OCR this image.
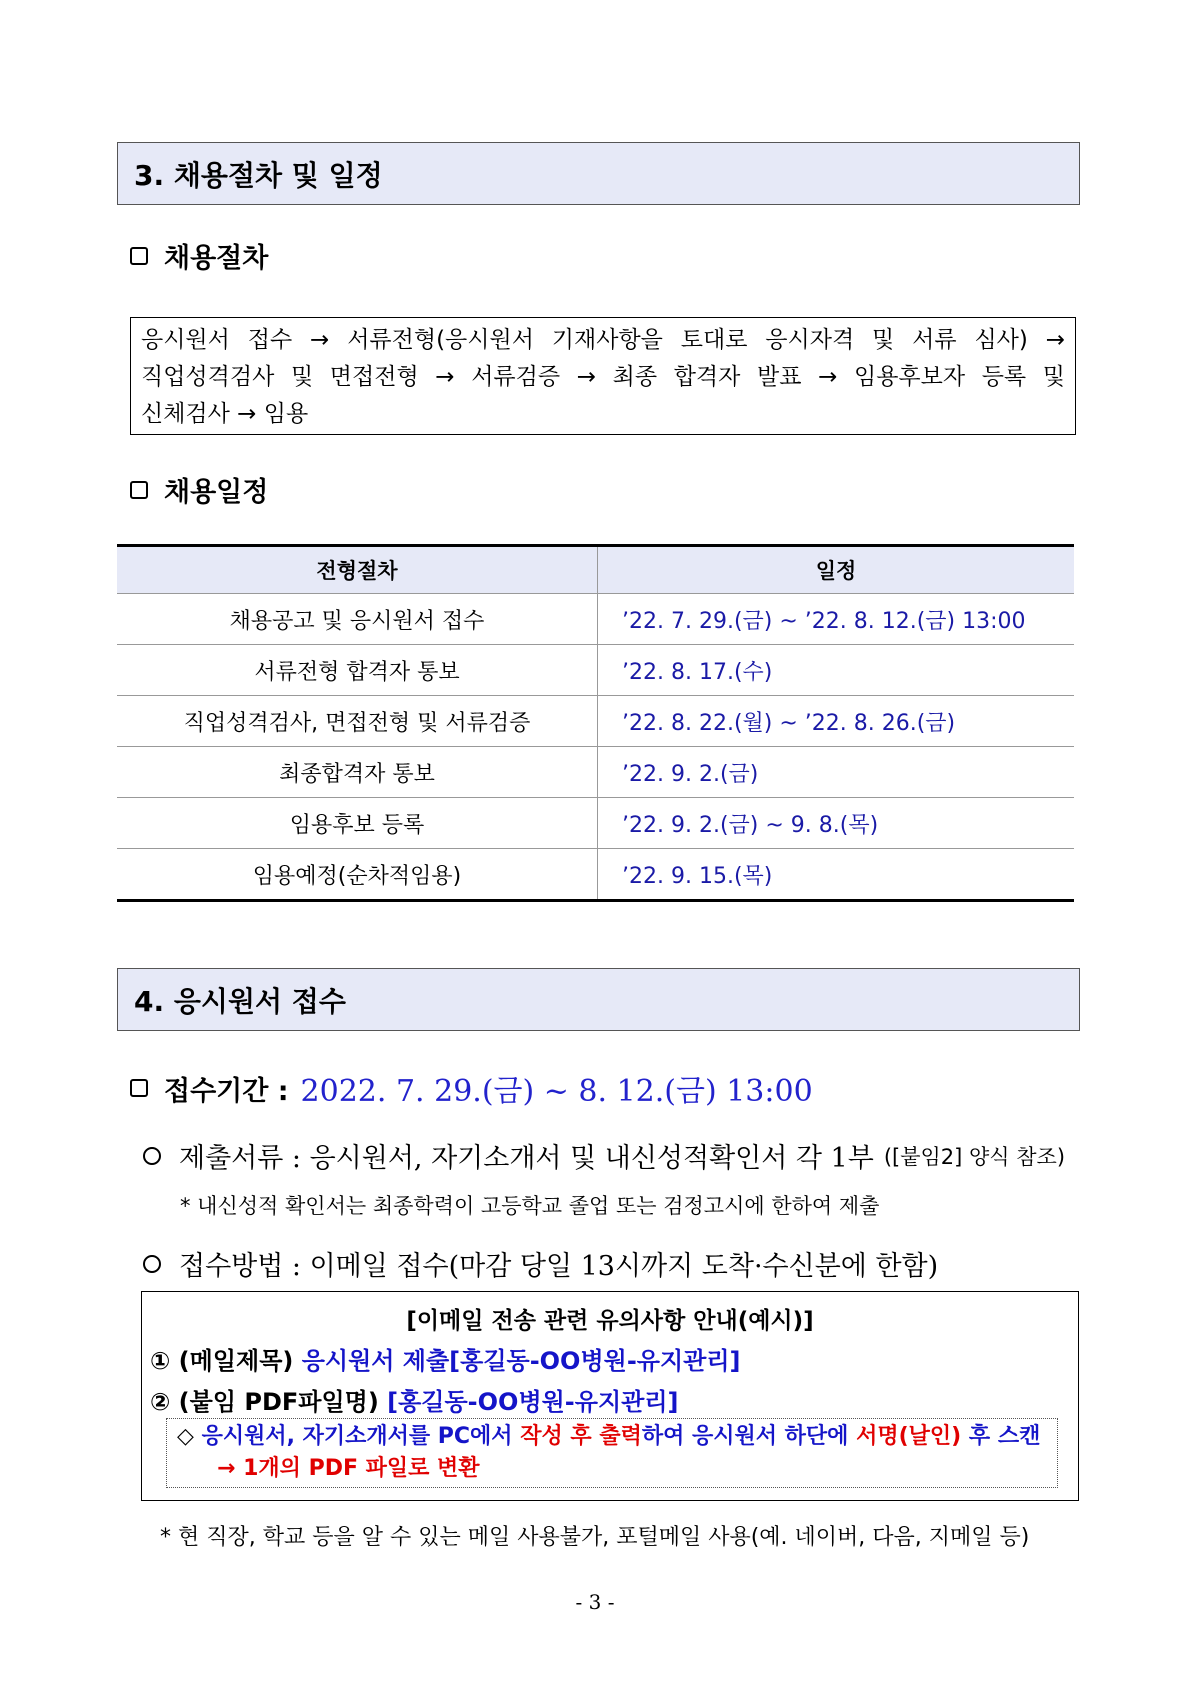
3. 채용절차 및 일정
채용절차
응시원서 접수 → 서류전형(응시원서 기재사항을 토대로 응시자격 및 서류 심사) →
직업성격검사 및 면접전형 → 서류검증 → 최종 합격자 발표 → 임용후보자 등록 및
신체검사 → 임용
채용일정
전형절차	일정
채용공고 및 응시원서 접수	’22. 7. 29.(금) ~ ’22. 8. 12.(금) 13:00
서류전형 합격자 통보	’22. 8. 17.(수)
직업성격검사, 면접전형 및 서류검증	’22. 8. 22.(월) ~ ’22. 8. 26.(금)
최종합격자 통보	’22. 9. 2.(금)
임용후보 등록	’22. 9. 2.(금) ~ 9. 8.(목)
임용예정(순차적임용)	’22. 9. 15.(목)
4. 응시원서 접수
접수기간 : 2022. 7. 29.(금) ~ 8. 12.(금) 13:00
제출서류 : 응시원서, 자기소개서 및 내신성적확인서 각 1부 ([붙임2] 양식 참조)
* 내신성적 확인서는 최종학력이 고등학교 졸업 또는 검정고시에 한하여 제출
접수방법 : 이메일 접수(마감 당일 13시까지 도착·수신분에 한함)
[이메일 전송 관련 유의사항 안내(예시)]
① (메일제목) 응시원서 제출[홍길동-OO병원-유지관리]
② (붙임 PDF파일명) [홍길동-OO병원-유지관리]
◇ 응시원서, 자기소개서를 PC에서 작성 후 출력하여 응시원서 하단에 서명(날인) 후 스캔
→ 1개의 PDF 파일로 변환
* 현 직장, 학교 등을 알 수 있는 메일 사용불가, 포털메일 사용(예. 네이버, 다음, 지메일 등)
- 3 -
